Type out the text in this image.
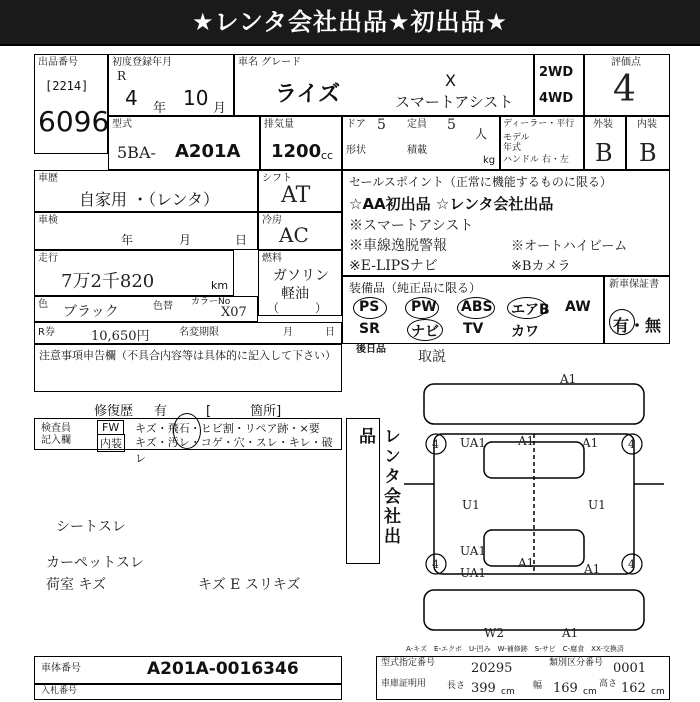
★レンタ会社出品★初出品★
出品番号
[2214]
6096
初度登録年月
R
4 年 10 月
車名 グレード
ライズ
X
スマートアシスト
2WD
4WD
評価点
4
型式
5BA- A201A
排気量
1200 cc
ドア 5 定員 5
人
形状	積載
kg
ディーラー・平行
モデル
年式
ハンドル 右・左
外装
B
内装
B
車歴
自家用 ・（レンタ）
シフト
AT
セールスポイント（正常に機能するものに限る）
☆AA初出品 ☆レンタ会社出品
※スマートアシスト
※車線逸脱警報	※オートハイビーム
※E-LIPSナビ	※Bカメラ
車検
年	月	日
冷房
AC
走行
7万2千820	km
燃料
ガソリン
軽油
（　　　）
色 ブラック	色替 カラーNo
X07
R券	10,650円	名変期限	月	日
装備品（純正品に限る）
PS PW ABS エアB AW
SR ナビ TV カワ
新車保証書
有・無
注意事項申告欄（不具合内容等は具体的に記入して下さい）
修復歴 有	[　　　箇所]
検査員
記入欄
FW	キズ・飛石・ヒビ割・リペア跡・×要
内装 キズ・汚レ・コゲ・穴・スレ・キレ・破レ
シートスレ
カーペットスレ
荷室 キズ	キズ E スリキズ
レンタ会社出品
後日品 取説
A1
A1
UA1	A1
U1	U1
A1
UA1
UA1	A1
W2	A1
4	4
4	4
A-キズ　E-エクボ　U-凹み　W-補修跡　S-サビ　C-腐食　XX-交換済
車体番号	A201A-0016346
入札番号
型式指定番号	20295	類別区分番号 0001
車庫証明用 長さ 399 cm
幅 169 cm
高さ 162 cm
